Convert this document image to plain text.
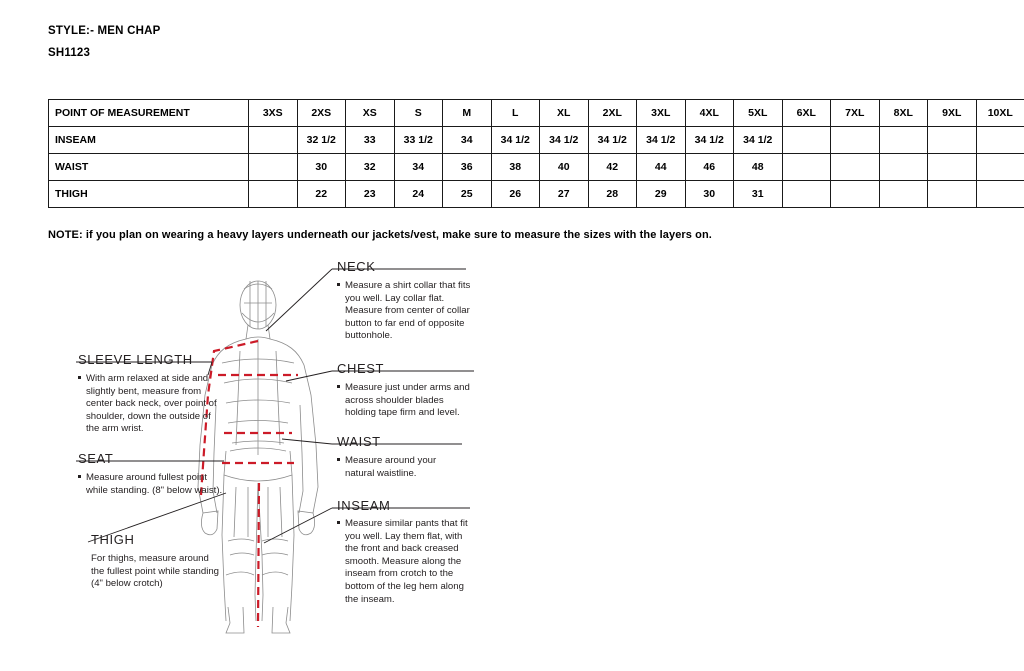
STYLE:- MEN CHAP
SH1123
POINT OF MEASUREMENT	3XS	2XS	XS	S	M	L	XL	2XL	3XL	4XL	5XL	6XL	7XL	8XL	9XL	10XL
INSEAM		32 1/2	33	33 1/2	34	34 1/2	34 1/2	34 1/2	34 1/2	34 1/2	34 1/2					
WAIST		30	32	34	36	38	40	42	44	46	48					
THIGH		22	23	24	25	26	27	28	29	30	31					
NOTE: if you plan on wearing a heavy layers underneath our jackets/vest, make sure to measure the sizes with the layers on.
NECK
Measure a shirt collar that fits you well. Lay collar flat. Measure from center of collar button to far end of opposite buttonhole.
CHEST
Measure just under arms and across shoulder blades holding tape firm and level.
WAIST
Measure around your natural waistline.
INSEAM
Measure similar pants that fit you well. Lay them flat, with the front and back creased smooth. Measure along the inseam from crotch to the bottom of the leg hem along the inseam.
SLEEVE LENGTH
With arm relaxed at side and slightly bent, measure from center back neck, over point of shoulder, down the outside of the arm wrist.
SEAT
Measure around fullest point while standing. (8" below waist).
THIGH
For thighs, measure around the fullest point while standing (4" below crotch)
